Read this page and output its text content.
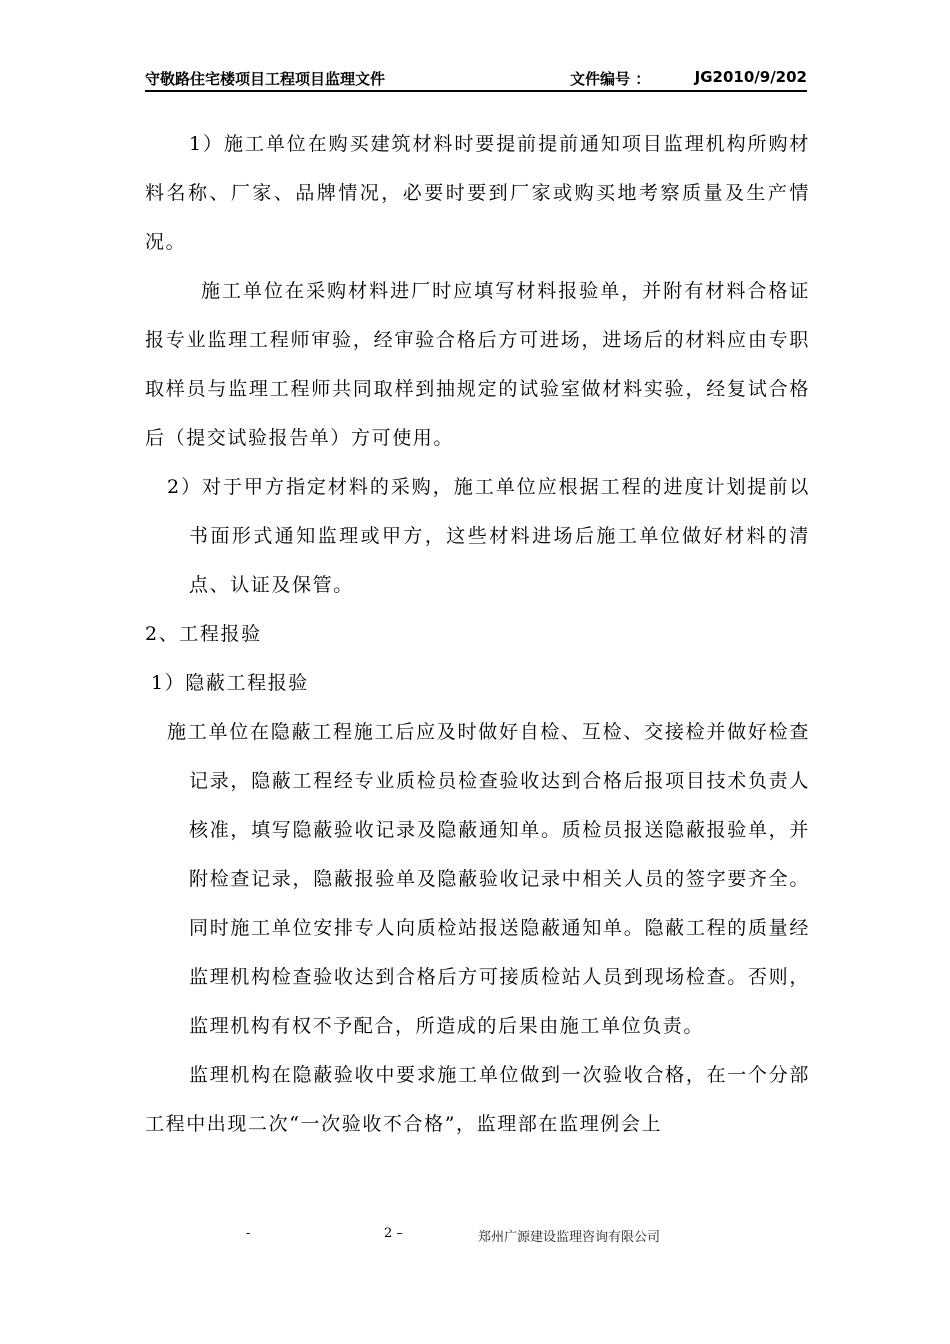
守敬路住宅楼项目工程项目监理文件	文件编号 ：	JG2010/9/202

1）施工单位在购买建筑材料时要提前提前通知项目监理机构所购材料名称、厂家、品牌情况，必要时要到厂家或购买地考察质量及生产情况。

施工单位在采购材料进厂时应填写材料报验单，并附有材料合格证报专业监理工程师审验，经审验合格后方可进场，进场后的材料应由专职取样员与监理工程师共同取样到抽规定的试验室做材料实验，经复试合格后（提交试验报告单）方可使用。

2）对于甲方指定材料的采购，施工单位应根据工程的进度计划提前以书面形式通知监理或甲方，这些材料进场后施工单位做好材料的清点、认证及保管。

2、工程报验

1）隐蔽工程报验

施工单位在隐蔽工程施工后应及时做好自检、互检、交接检并做好检查记录，隐蔽工程经专业质检员检查验收达到合格后报项目技术负责人核准，填写隐蔽验收记录及隐蔽通知单。质检员报送隐蔽报验单，并附检查记录，隐蔽报验单及隐蔽验收记录中相关人员的签字要齐全。同时施工单位安排专人向质检站报送隐蔽通知单。隐蔽工程的质量经监理机构检查验收达到合格后方可接质检站人员到现场检查。否则，监理机构有权不予配合，所造成的后果由施工单位负责。

监理机构在隐蔽验收中要求施工单位做到一次验收合格，在一个分部工程中出现二次“一次验收不合格”，监理部在监理例会上

-	2 –	郑州广源建设监理咨询有限公司
